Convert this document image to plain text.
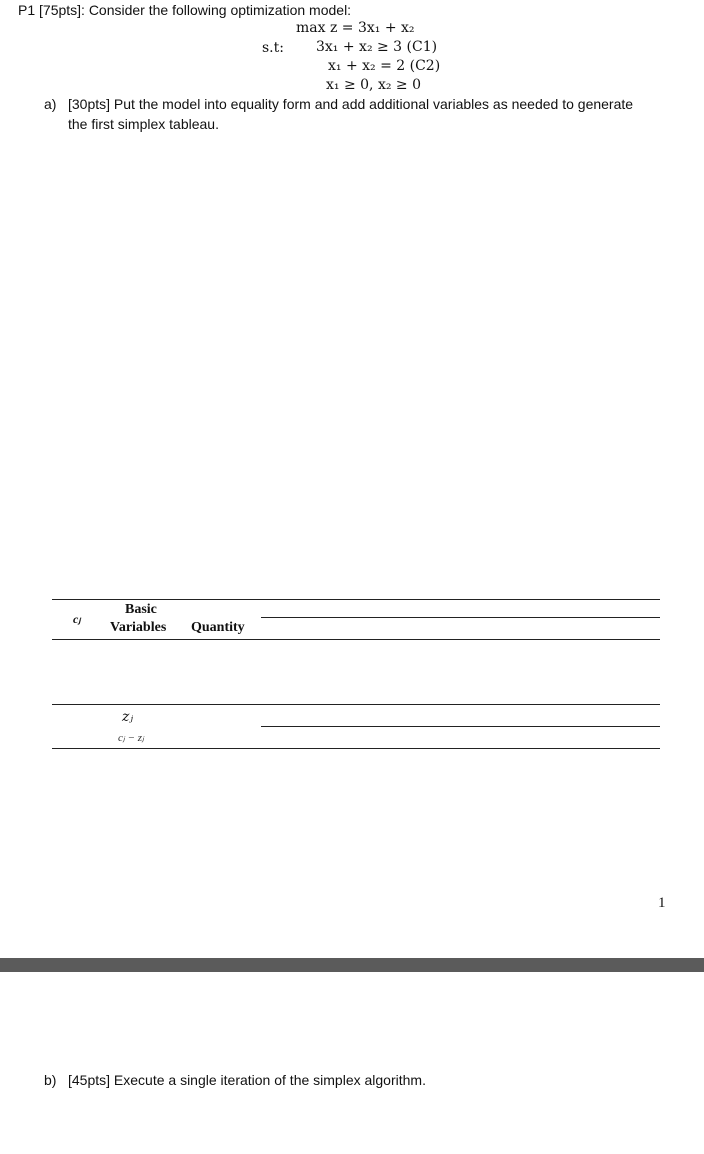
P1 [75pts]: Consider the following optimization model:
max z = 3x₁ + x₂
s.t: 3x₁ + x₂ ≥ 3 (C1)
x₁ + x₂ = 2 (C2)
x₁ ≥ 0, x₂ ≥ 0
a) [30pts] Put the model into equality form and add additional variables as needed to generate
the first simplex tableau.
cⱼ
Basic
Variables Quantity
zⱼ
cⱼ − zⱼ
1
b) [45pts] Execute a single iteration of the simplex algorithm.
